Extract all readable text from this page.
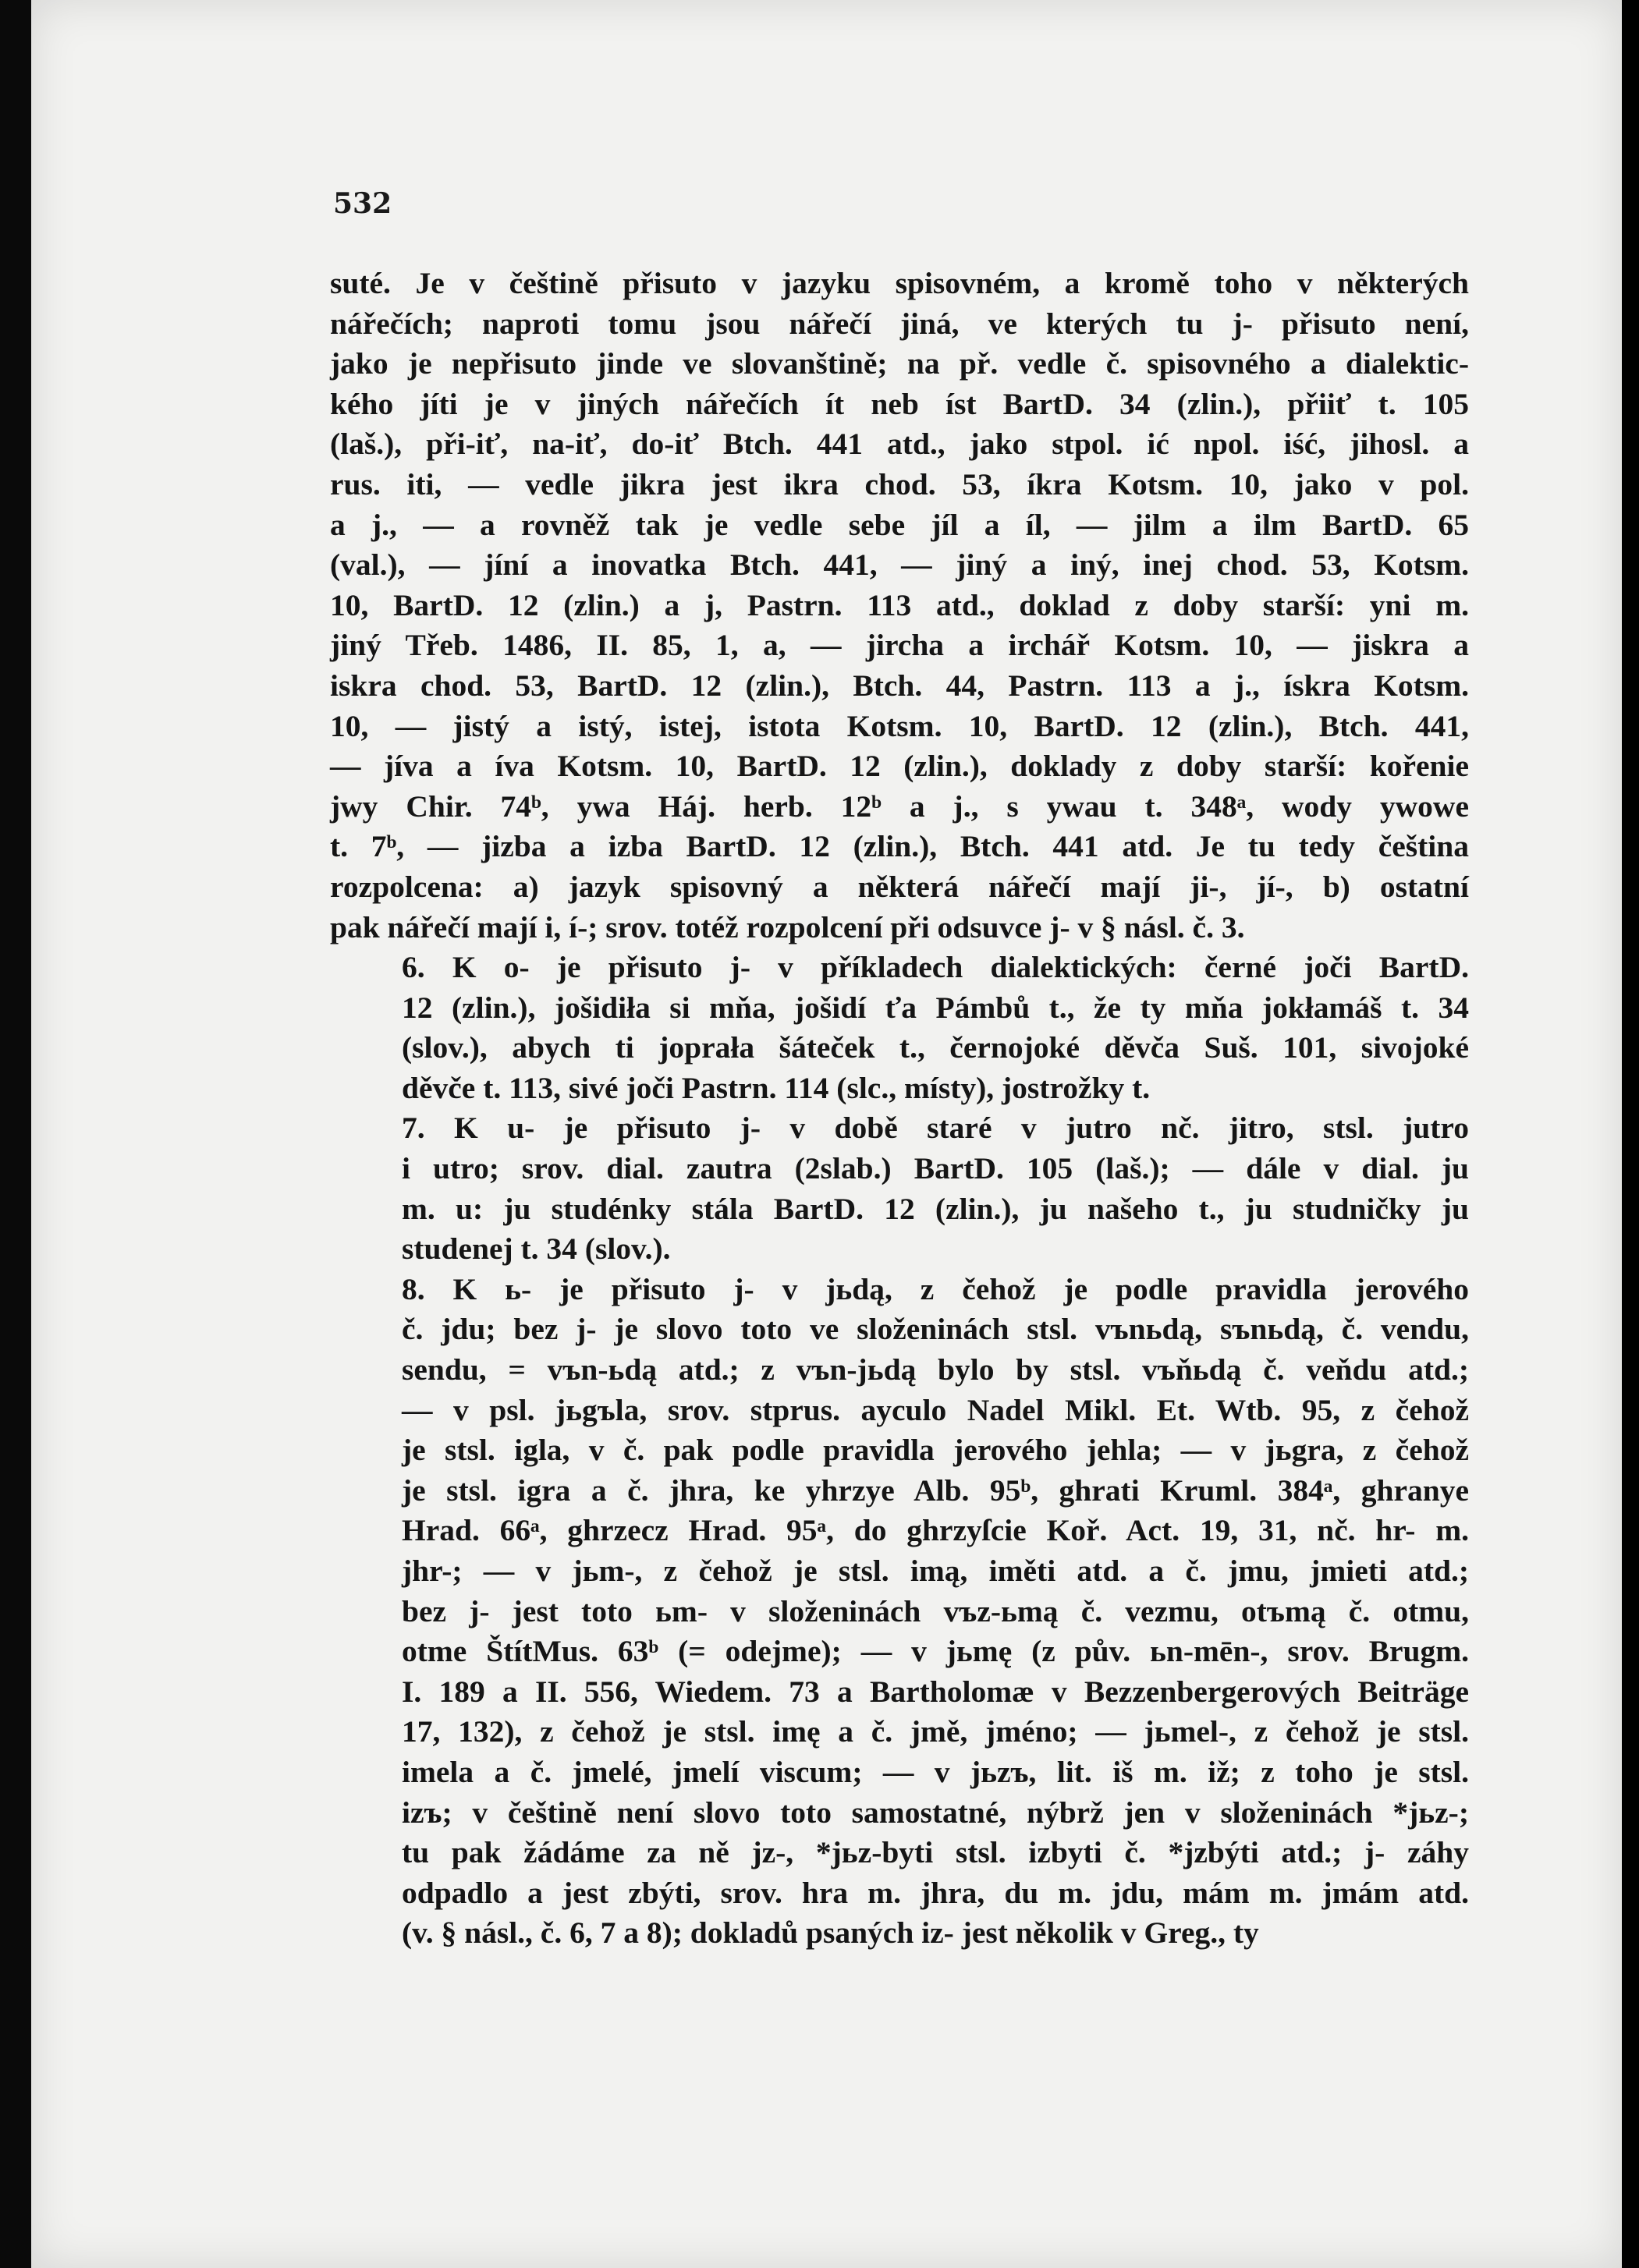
532

suté. Je v češtině přisuto v jazyku spisovném, a kromě toho v některých
nářečích; naproti tomu jsou nářečí jiná, ve kterých tu j- přisuto není,
jako je nepřisuto jinde ve slovanštině; na př. vedle č. spisovného a dialektic-
kého jíti je v jiných nářečích ít neb íst BartD. 34 (zlin.), přiiť t. 105
(laš.), při-iť, na-iť, do-iť Btch. 441 atd., jako stpol. ić npol. iść, jihosl. a
rus. iti, — vedle jikra jest ikra chod. 53, íkra Kotsm. 10, jako v pol.
a j., — a rovněž tak je vedle sebe jíl a íl, — jilm a ilm BartD. 65
(val.), — jíní a inovatka Btch. 441, — jiný a iný, inej chod. 53, Kotsm.
10, BartD. 12 (zlin.) a j, Pastrn. 113 atd., doklad z doby starší: yni m.
jiný Třeb. 1486, II. 85, 1, a, — jircha a irchář Kotsm. 10, — jiskra a
iskra chod. 53, BartD. 12 (zlin.), Btch. 44, Pastrn. 113 a j., ískra Kotsm.
10, — jistý a istý, istej, istota Kotsm. 10, BartD. 12 (zlin.), Btch. 441,
— jíva a íva Kotsm. 10, BartD. 12 (zlin.), doklady z doby starší: kořenie
jwy Chir. 74ᵇ, ywa Háj. herb. 12ᵇ a j., s ywau t. 348ᵃ, wody ywowe
t. 7ᵇ, — jizba a izba BartD. 12 (zlin.), Btch. 441 atd. Je tu tedy čeština
rozpolcena: a) jazyk spisovný a některá nářečí mají ji-, jí-, b) ostatní
pak nářečí mají i, í-; srov. totéž rozpolcení při odsuvce j- v § násl. č. 3.

6. K o- je přisuto j- v příkladech dialektických: černé joči BartD.
12 (zlin.), jošidiła si mňa, jošidí ťa Pámbů t., že ty mňa jokłamáš t. 34
(slov.), abych ti joprała šáteček t., černojoké děvča Suš. 101, sivojoké
děvče t. 113, sivé joči Pastrn. 114 (slc., místy), jostrožky t.

7. K u- je přisuto j- v době staré v jutro nč. jitro, stsl. jutro
i utro; srov. dial. zautra (2slab.) BartD. 105 (laš.); — dále v dial. ju
m. u: ju studénky stála BartD. 12 (zlin.), ju našeho t., ju studničky ju
studenej t. 34 (slov.).

8. K ь- je přisuto j- v jьdą, z čehož je podle pravidla jerového
č. jdu; bez j- je slovo toto ve složeninách stsl. vъnьdą, sъnьdą, č. vendu,
sendu, = vъn-ьdą atd.; z vъn-jьdą bylo by stsl. vъňьdą č. veňdu atd.;
— v psl. jьgъla, srov. stprus. ayculo Nadel Mikl. Et. Wtb. 95, z čehož
je stsl. igla, v č. pak podle pravidla jerového jehla; — v jьgra, z čehož
je stsl. igra a č. jhra, ke yhrzye Alb. 95ᵇ, ghrati Kruml. 384ᵃ, ghranye
Hrad. 66ᵃ, ghrzecz Hrad. 95ᵃ, do ghrzyſcie Koř. Act. 19, 31, nč. hr- m.
jhr-; — v jьm-, z čehož je stsl. imą, iměti atd. a č. jmu, jmieti atd.;
bez j- jest toto ьm- v složeninách vъz-ьmą č. vezmu, otъmą č. otmu,
otme ŠtítMus. 63ᵇ (= odejme); — v jьmę (z pův. ьn-mēn-, srov. Brugm.
I. 189 a II. 556, Wiedem. 73 a Bartholomæ v Bezzenbergerových Beiträge
17, 132), z čehož je stsl. imę a č. jmě, jméno; — jьmel-, z čehož je stsl.
imela a č. jmelé, jmelí viscum; — v jьzъ, lit. iš m. iž; z toho je stsl.
izъ; v češtině není slovo toto samostatné, nýbrž jen v složeninách *jьz-;
tu pak žádáme za ně jz-, *jьz-byti stsl. izbyti č. *jzbýti atd.; j- záhy
odpadlo a jest zbýti, srov. hra m. jhra, du m. jdu, mám m. jmám atd.
(v. § násl., č. 6, 7 a 8); dokladů psaných iz- jest několik v Greg., ty
